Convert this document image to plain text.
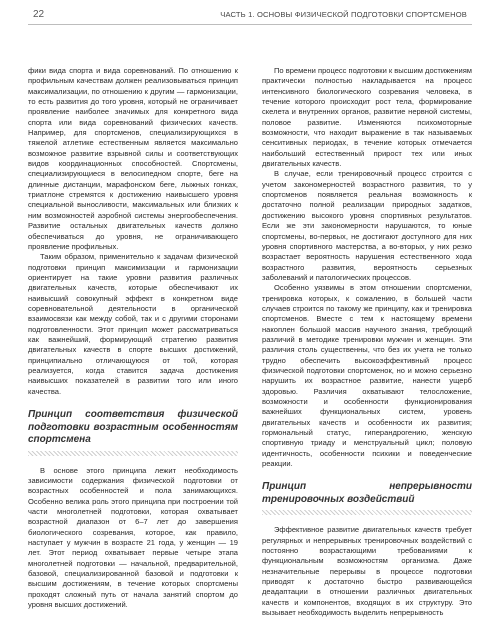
22	ЧАСТЬ 1. ОСНОВЫ ФИЗИЧЕСКОЙ ПОДГОТОВКИ СПОРТСМЕНОВ

фики вида спорта и вида соревнований. По отношению к профильным качествам должен реализовываться принцип максимализации, по отношению к другим — гармонизации, то есть развития до того уровня, который не ограничивает проявление наиболее значимых для конкретного вида спорта или вида соревнований физических качеств. Например, для спортсменов, специализирующихся в тяжелой атлетике естественным является максимально возможное развитие взрывной силы и соответствующих видов координационных способностей. Спортсмены, специализирующиеся в велосипедном спорте, беге на длинные дистанции, марафонском беге, лыжных гонках, триатлоне стремятся к достижению наивысшего уровня специальной выносливости, максимальных или близких к ним возможностей аэробной системы энергообеспечения. Развитие остальных двигательных качеств должно обеспечиваться до уровня, не ограничивающего проявление профильных.

Таким образом, применительно к задачам физической подготовки принцип максимизации и гармонизации ориентирует на такие уровни развития различных двигательных качеств, которые обеспечивают их наивысший совокупный эффект в конкретном виде соревновательной деятельности в органической взаимосвязи как между собой, так и с другими сторонами подготовленности. Этот принцип может рассматриваться как важнейший, формирующий стратегию развития двигательных качеств в спорте высших достижений, принципиально отличающуюся от той, которая реализуется, когда ставится задача достижения наивысших показателей в развитии того или иного качества.

Принцип соответствия физической подготовки возрастным особенностям спортсмена

В основе этого принципа лежит необходимость зависимости содержания физической подготовки от возрастных особенностей и пола занимающихся. Особенно велика роль этого принципа при построении той части многолетней подготовки, которая охватывает возрастной диапазон от 6–7 лет до завершения биологического созревания, которое, как правило, наступает у мужчин в возрасте 21 года, у женщин — 19 лет. Этот период охватывает первые четыре этапа многолетней подготовки — начальной, предварительной, базовой, специализированной базовой и подготовки к высшим достижениям, в течение которых спортсмены проходят сложный путь от начала занятий спортом до уровня высших достижений.

По времени процесс подготовки к высшим достижениям практически полностью накладывается на процесс интенсивного биологического созревания человека, в течение которого происходит рост тела, формирование скелета и внутренних органов, развитие нервной системы, половое развитие. Изменяются психомоторные возможности, что находит выражение в так называемых сенситивных периодах, в течение которых отмечается наибольший естественный прирост тех или иных двигательных качеств.

В случае, если тренировочный процесс строится с учетом закономерностей возрастного развития, то у спортсменов появляется реальная возможность к достаточно полной реализации природных задатков, достижению высокого уровня спортивных результатов. Если же эти закономерности нарушаются, то юные спортсмены, во-первых, не достигают доступного для них уровня спортивного мастерства, а во-вторых, у них резко возрастает вероятность нарушения естественного хода возрастного развития, вероятность серьезных заболеваний и патологических процессов.

Особенно уязвимы в этом отношении спортсменки, тренировка которых, к сожалению, в большей части случаев строится по такому же принципу, как и тренировка спортсменов. Вместе с тем к настоящему времени накоплен большой массив научного знания, требующий различий в методике тренировки мужчин и женщин. Эти различия столь существенны, что без их учета не только трудно обеспечить высокоэффективный процесс физической подготовки спортсменок, но и можно серьезно нарушить их возрастное развитие, нанести ущерб здоровью. Различия охватывают телосложение, возможности и особенности функционирования важнейших функциональных систем, уровень двигательных качеств и особенности их развития; гормональный статус, гиперандрогению, женскую спортивную триаду и менструальный цикл; половую идентичность, особенности психики и поведенческие реакции.

Принцип непрерывности тренировочных воздействий

Эффективное развитие двигательных качеств требует регулярных и непрерывных тренировочных воздействий с постоянно возрастающими требованиями к функциональным возможностям организма. Даже незначительные перерывы в процессе подготовки приводят к достаточно быстро развивающейся деадаптации в отношении различных двигательных качеств и компонентов, входящих в их структуру. Это вызывает необходимость выделить непрерывность
